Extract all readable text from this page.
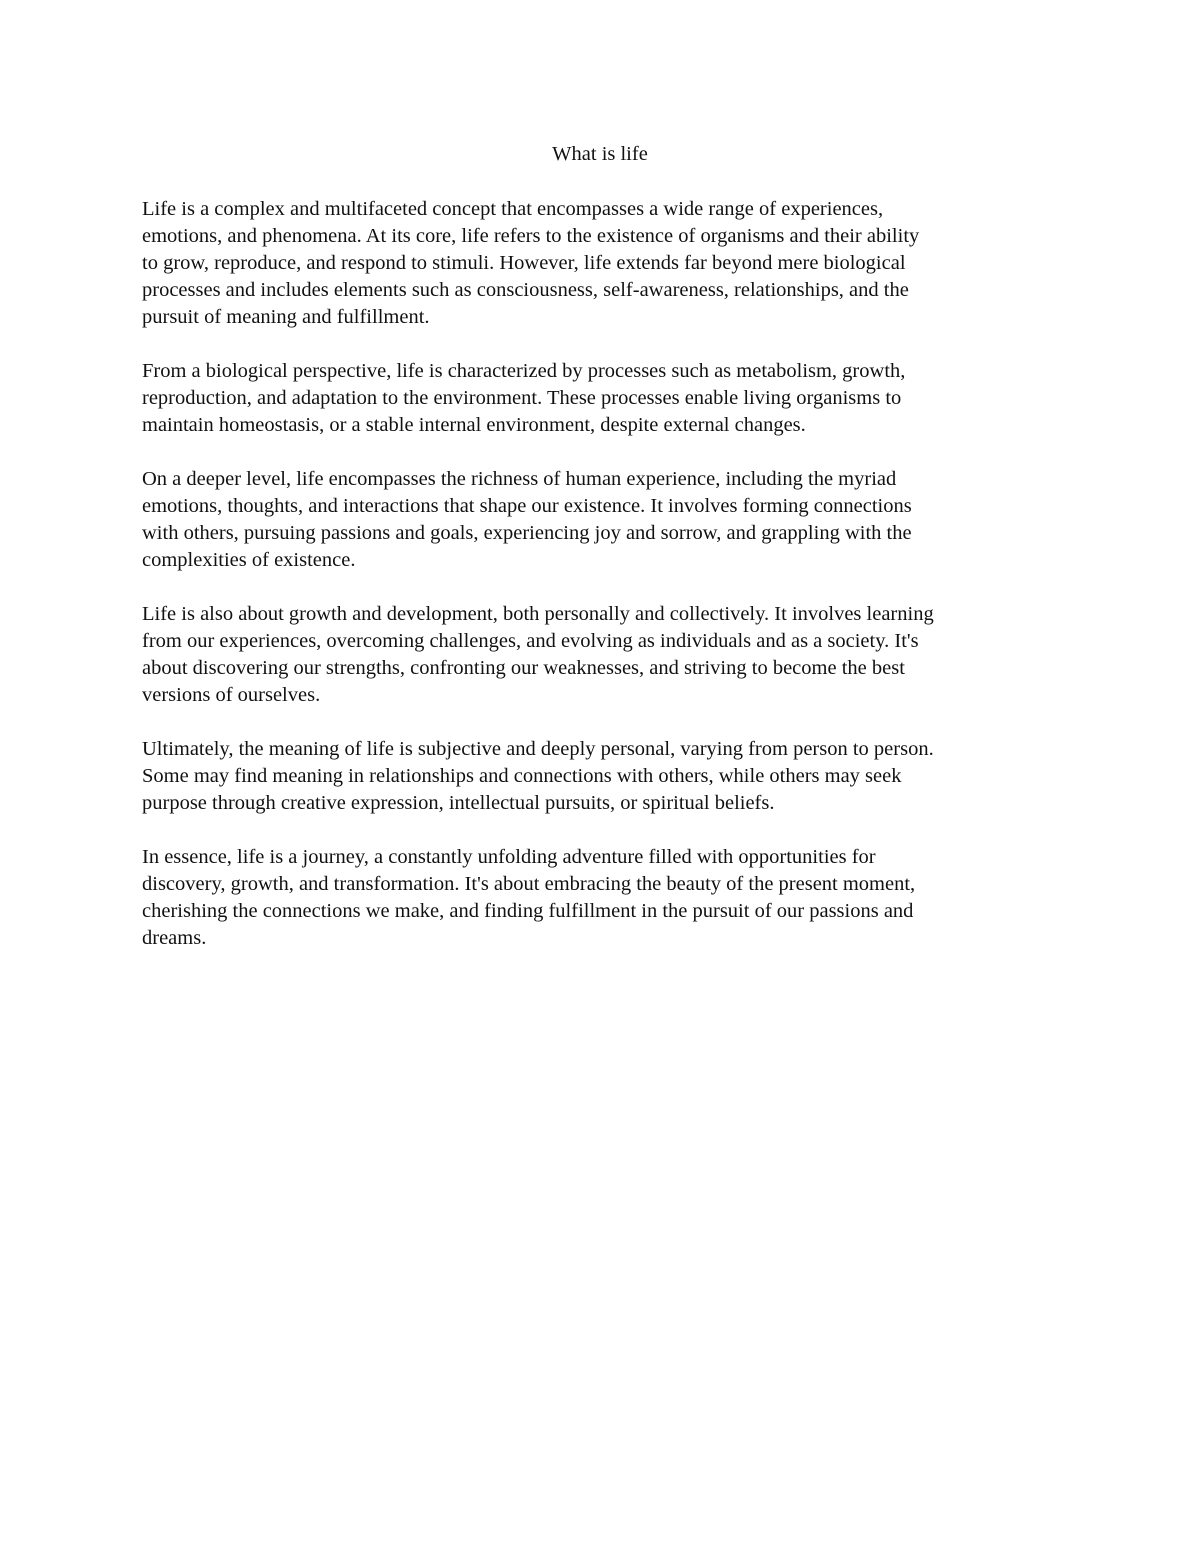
What is life

Life is a complex and multifaceted concept that encompasses a wide range of experiences,
emotions, and phenomena. At its core, life refers to the existence of organisms and their ability
to grow, reproduce, and respond to stimuli. However, life extends far beyond mere biological
processes and includes elements such as consciousness, self-awareness, relationships, and the
pursuit of meaning and fulfillment.

From a biological perspective, life is characterized by processes such as metabolism, growth,
reproduction, and adaptation to the environment. These processes enable living organisms to
maintain homeostasis, or a stable internal environment, despite external changes.

On a deeper level, life encompasses the richness of human experience, including the myriad
emotions, thoughts, and interactions that shape our existence. It involves forming connections
with others, pursuing passions and goals, experiencing joy and sorrow, and grappling with the
complexities of existence.

Life is also about growth and development, both personally and collectively. It involves learning
from our experiences, overcoming challenges, and evolving as individuals and as a society. It's
about discovering our strengths, confronting our weaknesses, and striving to become the best
versions of ourselves.

Ultimately, the meaning of life is subjective and deeply personal, varying from person to person.
Some may find meaning in relationships and connections with others, while others may seek
purpose through creative expression, intellectual pursuits, or spiritual beliefs.

In essence, life is a journey, a constantly unfolding adventure filled with opportunities for
discovery, growth, and transformation. It's about embracing the beauty of the present moment,
cherishing the connections we make, and finding fulfillment in the pursuit of our passions and
dreams.
